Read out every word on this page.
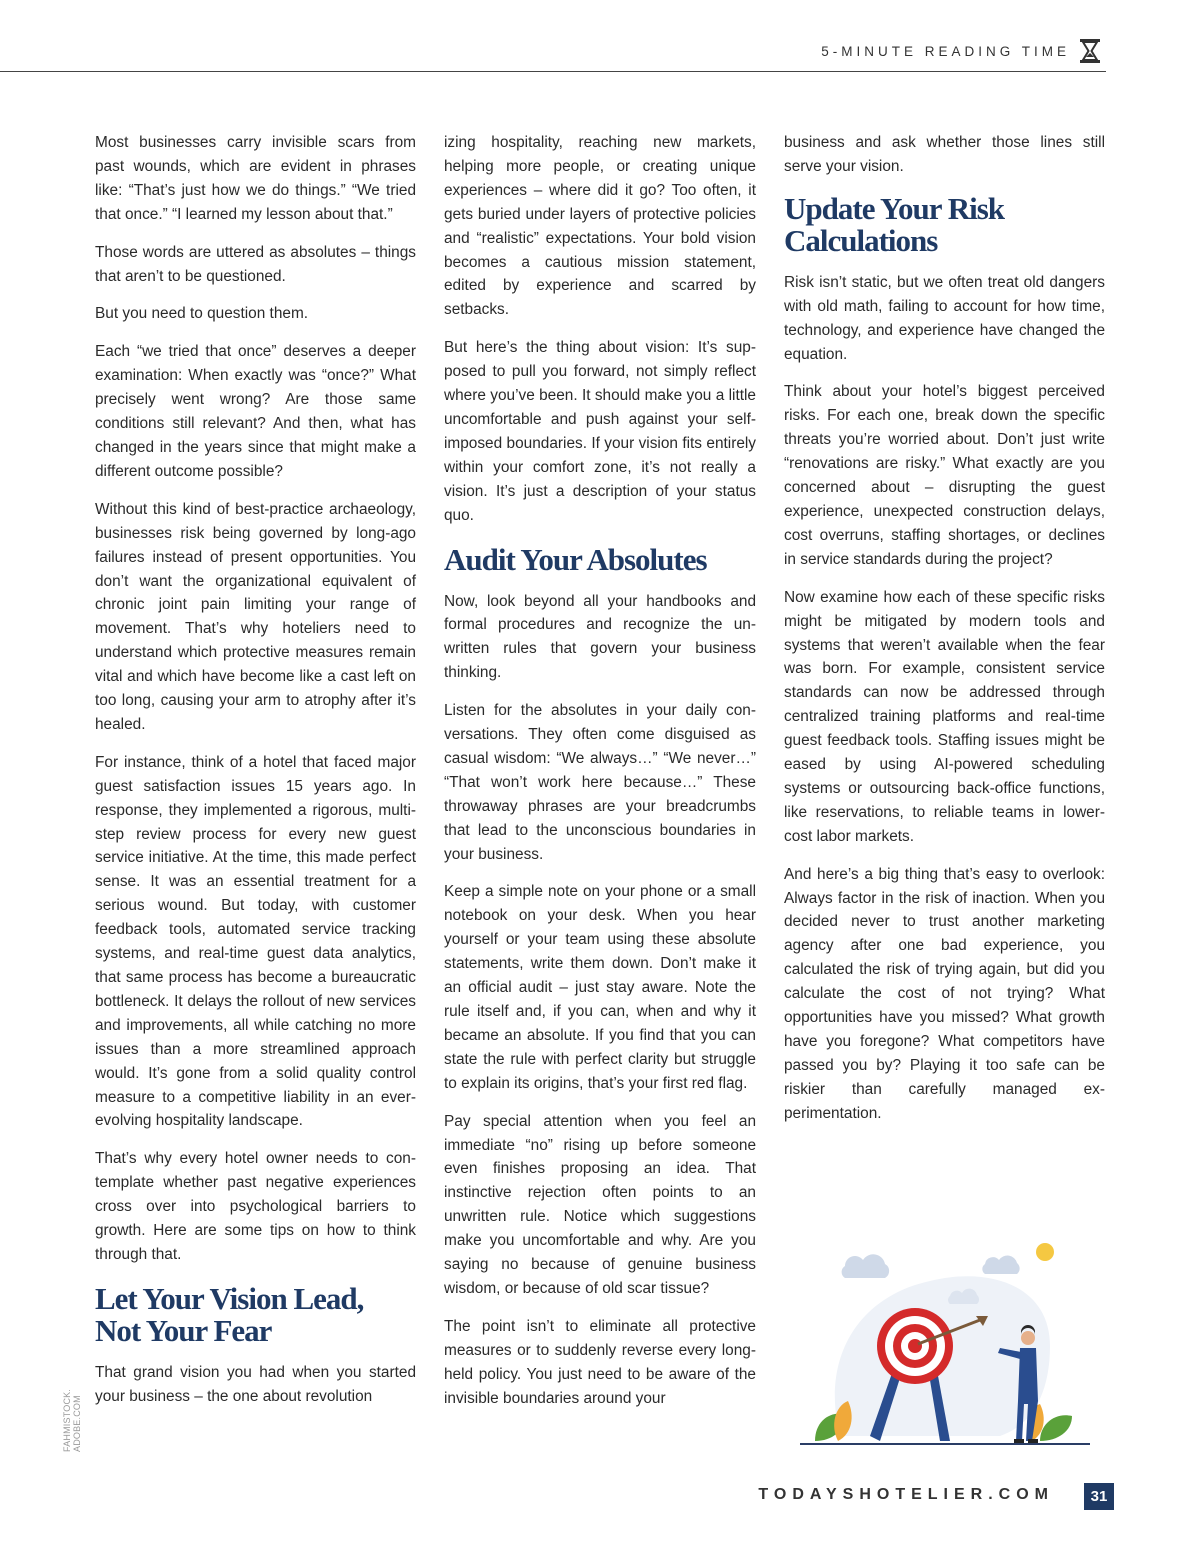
5-MINUTE READING TIME

Most businesses carry invisible scars from past wounds, which are evident in phrases like: “That’s just how we do things.” “We tried that once.” “I learned my lesson about that.”

Those words are uttered as absolutes – things that aren’t to be questioned.

But you need to question them.

Each “we tried that once” deserves a deeper examination: When exactly was “once?” What precisely went wrong? Are those same conditions still relevant? And then, what has changed in the years since that might make a different outcome possible?

Without this kind of best-practice archaeology, businesses risk being governed by long-ago failures instead of present opportunities. You don’t want the organizational equivalent of chronic joint pain limiting your range of movement. That’s why hoteliers need to understand which protective measures remain vital and which have become like a cast left on too long, causing your arm to atrophy after it’s healed.

For instance, think of a hotel that faced major guest satisfaction issues 15 years ago. In response, they implemented a rigorous, multi-step review process for every new guest service initiative. At the time, this made perfect sense. It was an essential treatment for a serious wound. But today, with customer feedback tools, automated service tracking systems, and real-time guest data analytics, that same process has become a bureaucratic bottleneck. It delays the rollout of new services and improvements, all while catching no more issues than a more streamlined approach would. It’s gone from a solid quality control measure to a competitive liability in an ever-evolving hospitality landscape.

That’s why every hotel owner needs to contemplate whether past negative experiences cross over into psychological barriers to growth. Here are some tips on how to think through that.

Let Your Vision Lead,
Not Your Fear

That grand vision you had when you started your business – the one about revolution

izing hospitality, reaching new markets, helping more people, or creating unique experiences – where did it go? Too often, it gets buried under layers of protective policies and “realistic” expectations. Your bold vision becomes a cautious mission statement, edited by experience and scarred by setbacks.

But here’s the thing about vision: It’s supposed to pull you forward, not simply reflect where you’ve been. It should make you a little uncomfortable and push against your self-imposed boundaries. If your vision fits entirely within your comfort zone, it’s not really a vision. It’s just a description of your status quo.

Audit Your Absolutes

Now, look beyond all your handbooks and formal procedures and recognize the unwritten rules that govern your business thinking.

Listen for the absolutes in your daily conversations. They often come disguised as casual wisdom: “We always…” “We never…” “That won’t work here because…” These throwaway phrases are your breadcrumbs that lead to the unconscious boundaries in your business.

Keep a simple note on your phone or a small notebook on your desk. When you hear yourself or your team using these absolute statements, write them down. Don’t make it an official audit – just stay aware. Note the rule itself and, if you can, when and why it became an absolute. If you find that you can state the rule with perfect clarity but struggle to explain its origins, that’s your first red flag.

Pay special attention when you feel an immediate “no” rising up before someone even finishes proposing an idea. That instinctive rejection often points to an unwritten rule. Notice which suggestions make you uncomfortable and why. Are you saying no because of genuine business wisdom, or because of old scar tissue?

The point isn’t to eliminate all protective measures or to suddenly reverse every long-held policy. You just need to be aware of the invisible boundaries around your

business and ask whether those lines still serve your vision.

Update Your Risk
Calculations

Risk isn’t static, but we often treat old dangers with old math, failing to account for how time, technology, and experience have changed the equation.

Think about your hotel’s biggest perceived risks. For each one, break down the specific threats you’re worried about. Don’t just write “renovations are risky.” What exactly are you concerned about – disrupting the guest experience, unexpected construction delays, cost overruns, staffing shortages, or declines in service standards during the project?

Now examine how each of these specific risks might be mitigated by modern tools and systems that weren’t available when the fear was born. For example, consistent service standards can now be addressed through centralized training platforms and real-time guest feedback tools. Staffing issues might be eased by using AI-powered scheduling systems or outsourcing back-office functions, like reservations, to reliable teams in lower-cost labor markets.

And here’s a big thing that’s easy to overlook: Always factor in the risk of inaction. When you decided never to trust another marketing agency after one bad experience, you calculated the risk of trying again, but did you calculate the cost of not trying? What opportunities have you missed? What growth have you foregone? What competitors have passed you by? Playing it too safe can be riskier than carefully managed experimentation.

FAHMISTOCK. ADOBE.COM
TODAYSHOTELIER.COM	31
